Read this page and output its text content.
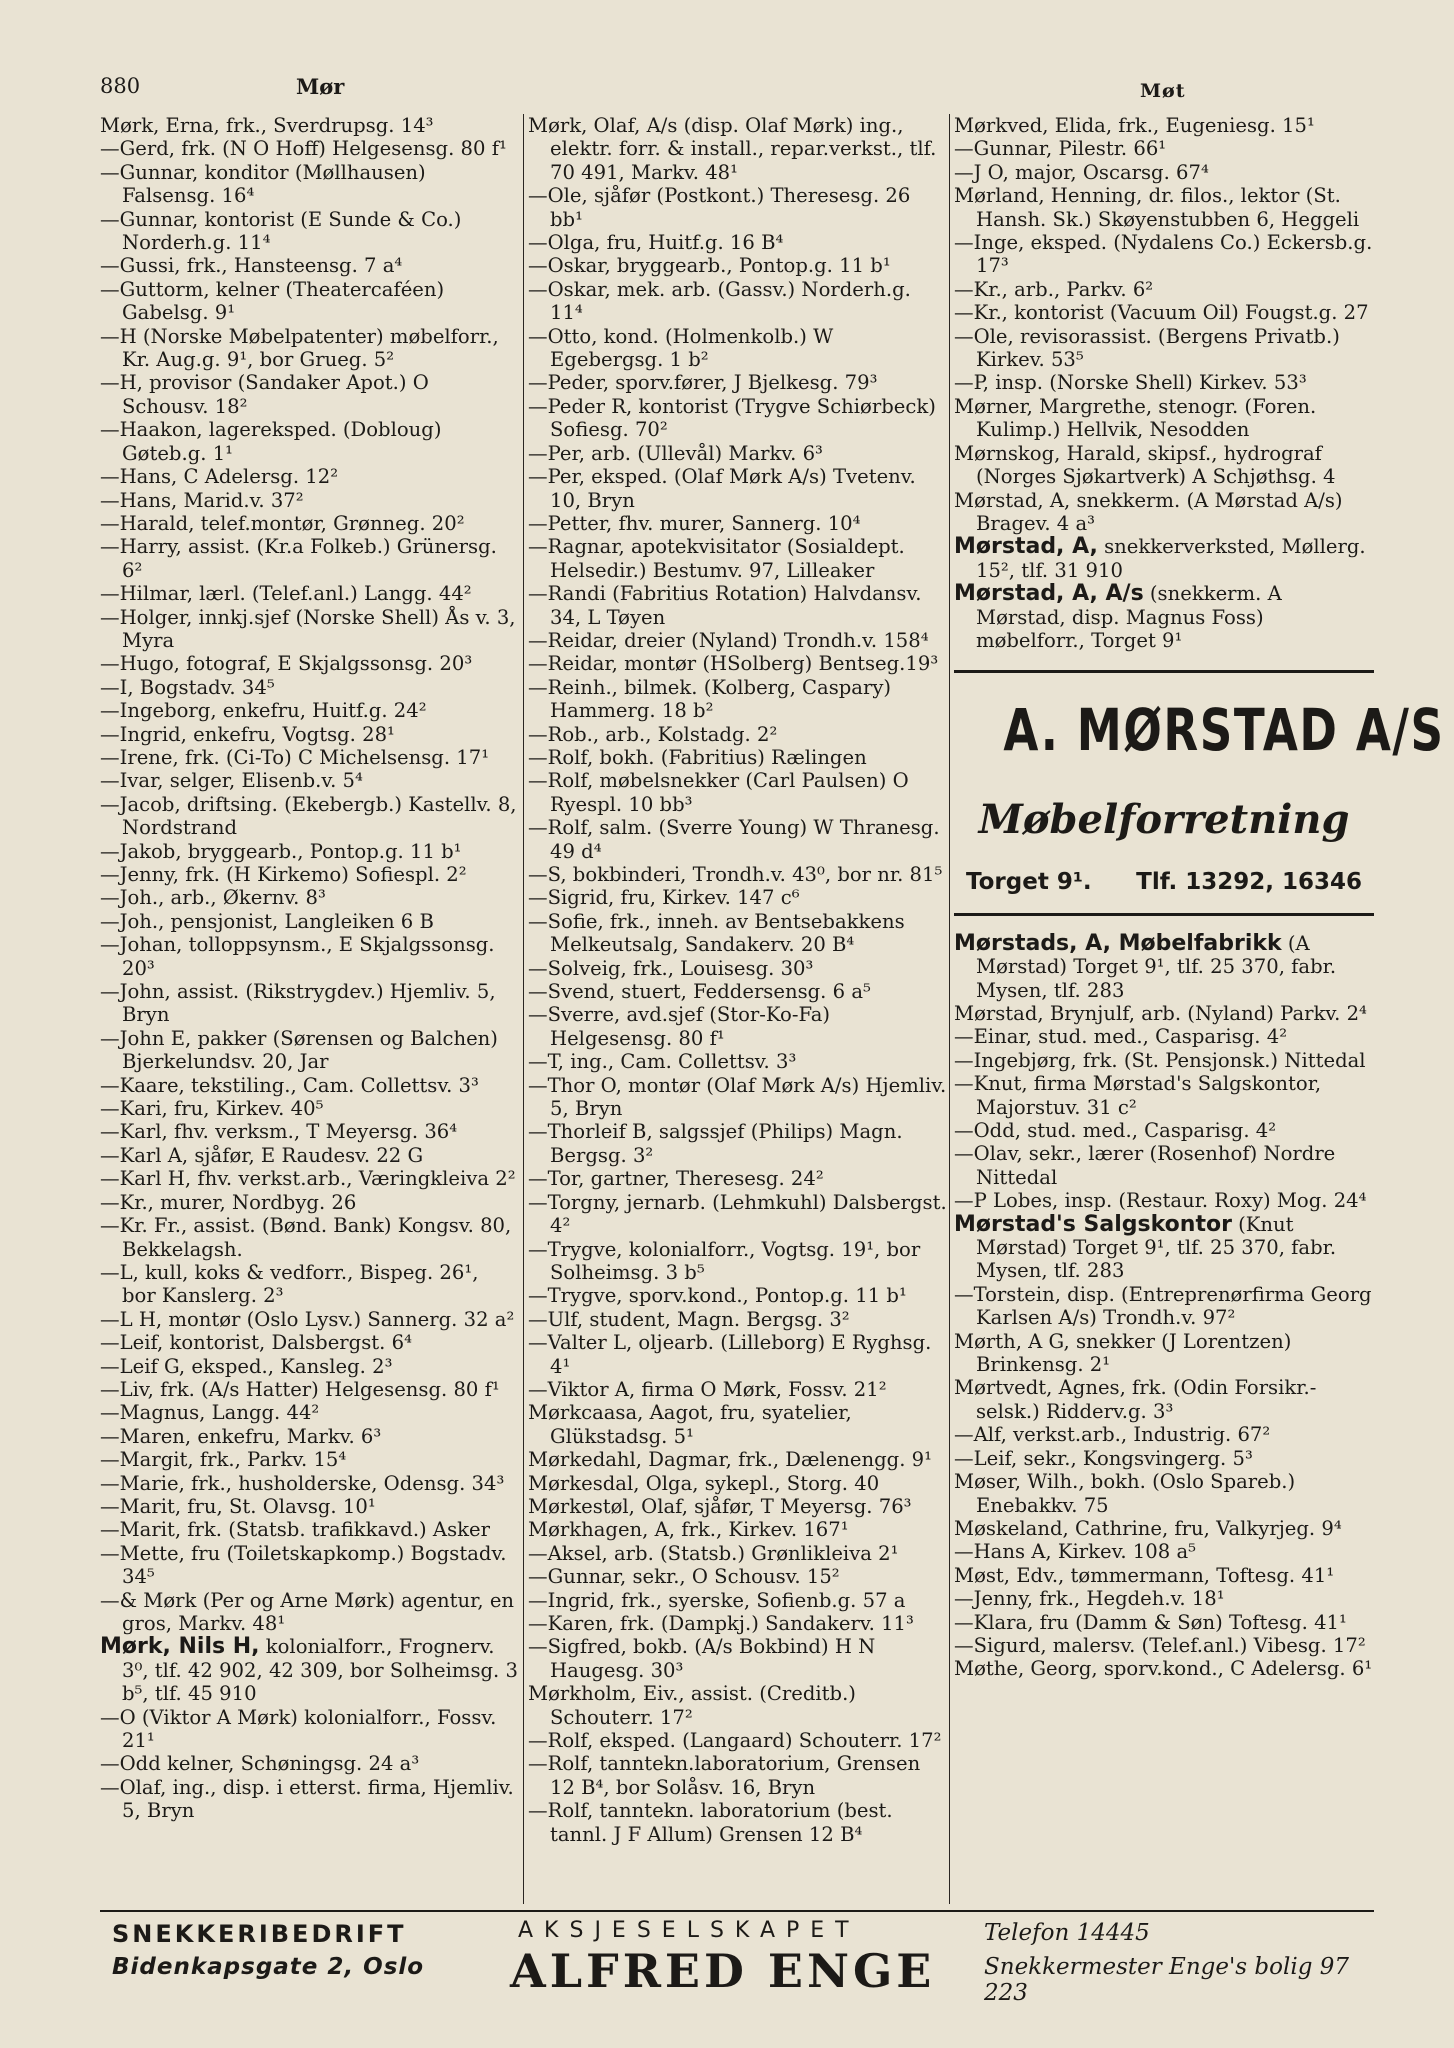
880	Mør	Møt
Mørk, Erna, frk., Sverdrupsg. 14³
—Gerd, frk. (N O Hoff) Helgesensg. 80 f¹
—Gunnar, konditor (Møllhausen) Falsensg. 16⁴
—Gunnar, kontorist (E Sunde & Co.) Norderh.g. 11⁴
—Gussi, frk., Hansteensg. 7 a⁴
—Guttorm, kelner (Theatercaféen) Gabelsg. 9¹
—H (Norske Møbelpatenter) møbelforr., Kr. Aug.g. 9¹, bor Grueg. 5²
—H, provisor (Sandaker Apot.) O Schousv. 18²
—Haakon, lagereksped. (Dobloug) Gøteb.g. 1¹
—Hans, C Adelersg. 12²
—Hans, Marid.v. 37²
—Harald, telef.montør, Grønneg. 20²
—Harry, assist. (Kr.a Folkeb.) Grünersg. 6²
—Hilmar, lærl. (Telef.anl.) Langg. 44²
—Holger, innkj.sjef (Norske Shell) Ås v. 3, Myra
—Hugo, fotograf, E Skjalgssonsg. 20³
—I, Bogstadv. 34⁵
—Ingeborg, enkefru, Huitf.g. 24²
—Ingrid, enkefru, Vogtsg. 28¹
—Irene, frk. (Ci-To) C Michelsensg. 17¹
—Ivar, selger, Elisenb.v. 5⁴
—Jacob, driftsing. (Ekebergb.) Kastellv. 8, Nordstrand
—Jakob, bryggearb., Pontop.g. 11 b¹
—Jenny, frk. (H Kirkemo) Sofiespl. 2²
—Joh., arb., Økernv. 8³
—Joh., pensjonist, Langleiken 6 B
—Johan, tolloppsynsm., E Skjalgssonsg. 20³
—John, assist. (Rikstrygdev.) Hjemliv. 5, Bryn
—John E, pakker (Sørensen og Balchen) Bjerkelundsv. 20, Jar
—Kaare, tekstiling., Cam. Collettsv. 3³
—Kari, fru, Kirkev. 40⁵
—Karl, fhv. verksm., T Meyersg. 36⁴
—Karl A, sjåfør, E Raudesv. 22 G
—Karl H, fhv. verkst.arb., Væringkleiva 2²
—Kr., murer, Nordbyg. 26
—Kr. Fr., assist. (Bønd. Bank) Kongsv. 80, Bekkelagsh.
—L, kull, koks & vedforr., Bispeg. 26¹, bor Kanslerg. 2³
—L H, montør (Oslo Lysv.) Sannerg. 32 a²
—Leif, kontorist, Dalsbergst. 6⁴
—Leif G, eksped., Kansleg. 2³
—Liv, frk. (A/s Hatter) Helgesensg. 80 f¹
—Magnus, Langg. 44²
—Maren, enkefru, Markv. 6³
—Margit, frk., Parkv. 15⁴
—Marie, frk., husholderske, Odensg. 34³
—Marit, fru, St. Olavsg. 10¹
—Marit, frk. (Statsb. trafikkavd.) Asker
—Mette, fru (Toiletskapkomp.) Bogstadv. 34⁵
—& Mørk (Per og Arne Mørk) agentur, en gros, Markv. 48¹
Mørk, Nils H, kolonialforr., Frognerv. 3⁰, tlf. 42 902, 42 309, bor Solheimsg. 3 b⁵, tlf. 45 910
—O (Viktor A Mørk) kolonialforr., Fossv. 21¹
—Odd kelner, Schøningsg. 24 a³
—Olaf, ing., disp. i etterst. firma, Hjemliv. 5, Bryn
Mørk, Olaf, A/s (disp. Olaf Mørk) ing., elektr. forr. & install., repar.verkst., tlf. 70 491, Markv. 48¹
—Ole, sjåfør (Postkont.) Theresesg. 26 bb¹
—Olga, fru, Huitf.g. 16 B⁴
—Oskar, bryggearb., Pontop.g. 11 b¹
—Oskar, mek. arb. (Gassv.) Norderh.g. 11⁴
—Otto, kond. (Holmenkolb.) W Egebergsg. 1 b²
—Peder, sporv.fører, J Bjelkesg. 79³
—Peder R, kontorist (Trygve Schiørbeck) Sofiesg. 70²
—Per, arb. (Ullevål) Markv. 6³
—Per, eksped. (Olaf Mørk A/s) Tvetenv. 10, Bryn
—Petter, fhv. murer, Sannerg. 10⁴
—Ragnar, apotekvisitator (Sosialdept. Helsedir.) Bestumv. 97, Lilleaker
—Randi (Fabritius Rotation) Halvdansv. 34, L Tøyen
—Reidar, dreier (Nyland) Trondh.v. 158⁴
—Reidar, montør (HSolberg) Bentseg.19³
—Reinh., bilmek. (Kolberg, Caspary) Hammerg. 18 b²
—Rob., arb., Kolstadg. 2²
—Rolf, bokh. (Fabritius) Rælingen
—Rolf, møbelsnekker (Carl Paulsen) O Ryespl. 10 bb³
—Rolf, salm. (Sverre Young) W Thranesg. 49 d⁴
—S, bokbinderi, Trondh.v. 43⁰, bor nr. 81⁵
—Sigrid, fru, Kirkev. 147 c⁶
—Sofie, frk., inneh. av Bentsebakkens Melkeutsalg, Sandakerv. 20 B⁴
—Solveig, frk., Louisesg. 30³
—Svend, stuert, Feddersensg. 6 a⁵
—Sverre, avd.sjef (Stor-Ko-Fa) Helgesensg. 80 f¹
—T, ing., Cam. Collettsv. 3³
—Thor O, montør (Olaf Mørk A/s) Hjemliv. 5, Bryn
—Thorleif B, salgssjef (Philips) Magn. Bergsg. 3²
—Tor, gartner, Theresesg. 24²
—Torgny, jernarb. (Lehmkuhl) Dalsbergst. 4²
—Trygve, kolonialforr., Vogtsg. 19¹, bor Solheimsg. 3 b⁵
—Trygve, sporv.kond., Pontop.g. 11 b¹
—Ulf, student, Magn. Bergsg. 3²
—Valter L, oljearb. (Lilleborg) E Ryghsg. 4¹
—Viktor A, firma O Mørk, Fossv. 21²
Mørkcaasa, Aagot, fru, syatelier, Glükstadsg. 5¹
Mørkedahl, Dagmar, frk., Dælenengg. 9¹
Mørkesdal, Olga, sykepl., Storg. 40
Mørkestøl, Olaf, sjåfør, T Meyersg. 76³
Mørkhagen, A, frk., Kirkev. 167¹
—Aksel, arb. (Statsb.) Grønlikleiva 2¹
—Gunnar, sekr., O Schousv. 15²
—Ingrid, frk., syerske, Sofienb.g. 57 a
—Karen, frk. (Dampkj.) Sandakerv. 11³
—Sigfred, bokb. (A/s Bokbind) H N Haugesg. 30³
Mørkholm, Eiv., assist. (Creditb.) Schouterr. 17²
—Rolf, eksped. (Langaard) Schouterr. 17²
—Rolf, tanntekn.laboratorium, Grensen 12 B⁴, bor Solåsv. 16, Bryn
—Rolf, tanntekn. laboratorium (best. tannl. J F Allum) Grensen 12 B⁴
Mørkved, Elida, frk., Eugeniesg. 15¹
—Gunnar, Pilestr. 66¹
—J O, major, Oscarsg. 67⁴
Mørland, Henning, dr. filos., lektor (St. Hansh. Sk.) Skøyenstubben 6, Heggeli
—Inge, eksped. (Nydalens Co.) Eckersb.g. 17³
—Kr., arb., Parkv. 6²
—Kr., kontorist (Vacuum Oil) Fougst.g. 27
—Ole, revisorassist. (Bergens Privatb.) Kirkev. 53⁵
—P, insp. (Norske Shell) Kirkev. 53³
Mørner, Margrethe, stenogr. (Foren. Kulimp.) Hellvik, Nesodden
Mørnskog, Harald, skipsf., hydrograf (Norges Sjøkartverk) A Schjøthsg. 4
Mørstad, A, snekkerm. (A Mørstad A/s) Bragev. 4 a³
Mørstad, A, snekkerverksted, Møllerg. 15², tlf. 31 910
Mørstad, A, A/s (snekkerm. A Mørstad, disp. Magnus Foss) møbelforr., Torget 9¹
A. MØRSTAD A/S
Møbelforretning
Torget 9¹. Tlf. 13292, 16346
Mørstads, A, Møbelfabrikk (A Mørstad) Torget 9¹, tlf. 25 370, fabr. Mysen, tlf. 283
Mørstad, Brynjulf, arb. (Nyland) Parkv. 2⁴
—Einar, stud. med., Casparisg. 4²
—Ingebjørg, frk. (St. Pensjonsk.) Nittedal
—Knut, firma Mørstad's Salgskontor, Majorstuv. 31 c²
—Odd, stud. med., Casparisg. 4²
—Olav, sekr., lærer (Rosenhof) Nordre Nittedal
—P Lobes, insp. (Restaur. Roxy) Mog. 24⁴
Mørstad's Salgskontor (Knut Mørstad) Torget 9¹, tlf. 25 370, fabr. Mysen, tlf. 283
—Torstein, disp. (Entreprenørfirma Georg Karlsen A/s) Trondh.v. 97²
Mørth, A G, snekker (J Lorentzen) Brinkensg. 2¹
Mørtvedt, Agnes, frk. (Odin Forsikr.-selsk.) Ridderv.g. 3³
—Alf, verkst.arb., Industrig. 67²
—Leif, sekr., Kongsvingerg. 5³
Møser, Wilh., bokh. (Oslo Spareb.) Enebakkv. 75
Møskeland, Cathrine, fru, Valkyrjeg. 9⁴
—Hans A, Kirkev. 108 a⁵
Møst, Edv., tømmermann, Toftesg. 41¹
—Jenny, frk., Hegdeh.v. 18¹
—Klara, fru (Damm & Søn) Toftesg. 41¹
—Sigurd, malersv. (Telef.anl.) Vibesg. 17²
Møthe, Georg, sporv.kond., C Adelersg. 6¹
SNEKKERIBEDRIFT
Bidenkapsgate 2, Oslo
AKSJESELSKAPET
ALFRED ENGE
Telefon 14445
Snekkermester Enge's bolig 97 223
